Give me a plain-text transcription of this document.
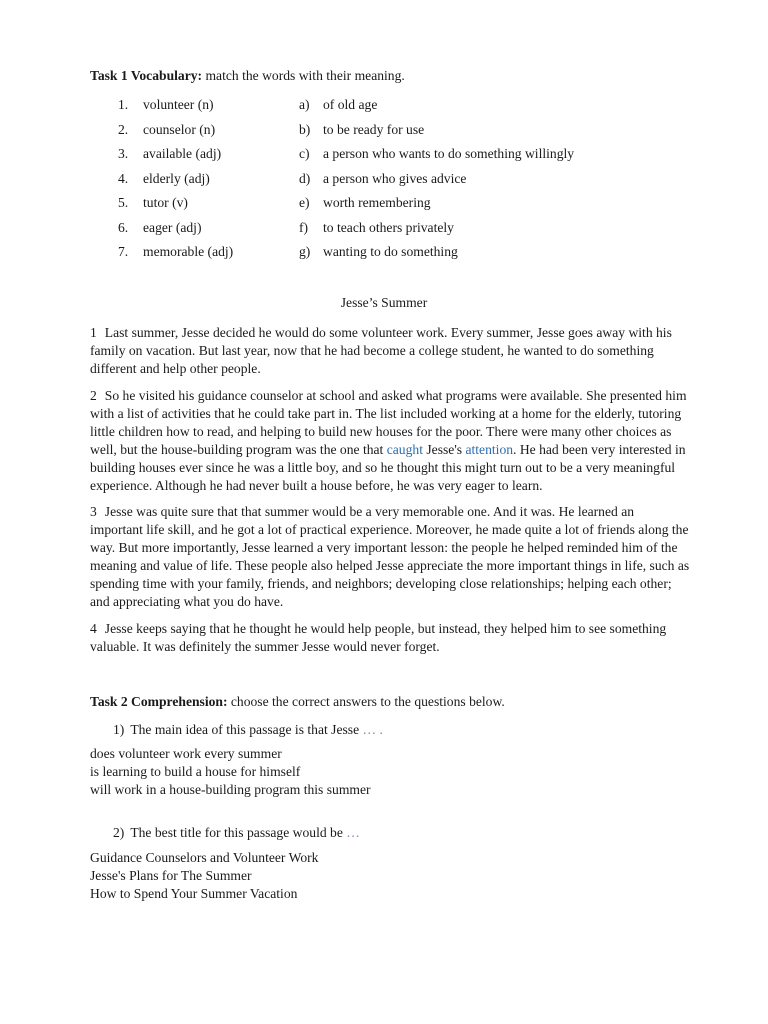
Task 1 Vocabulary: match the words with their meaning.
1. volunteer (n)	a) of old age
2. counselor (n)	b) to be ready for use
3. available (adj)	c) a person who wants to do something willingly
4. elderly (adj)	d) a person who gives advice
5. tutor (v)	e) worth remembering
6. eager (adj)	f) to teach others privately
7. memorable (adj)	g) wanting to do something
Jesse’s Summer
1 Last summer, Jesse decided he would do some volunteer work. Every summer, Jesse goes away with his family on vacation. But last year, now that he had become a college student, he wanted to do something different and help other people.
2 So he visited his guidance counselor at school and asked what programs were available. She presented him with a list of activities that he could take part in. The list included working at a home for the elderly, tutoring little children how to read, and helping to build new houses for the poor. There were many other choices as well, but the house-building program was the one that caught Jesse's attention. He had been very interested in building houses ever since he was a little boy, and so he thought this might turn out to be a very meaningful experience. Although he had never built a house before, he was very eager to learn.
3 Jesse was quite sure that that summer would be a very memorable one. And it was. He learned an important life skill, and he got a lot of practical experience. Moreover, he made quite a lot of friends along the way. But more importantly, Jesse learned a very important lesson: the people he helped reminded him of the meaning and value of life. These people also helped Jesse appreciate the more important things in life, such as spending time with your family, friends, and neighbors; developing close relationships; helping each other; and appreciating what you do have.
4 Jesse keeps saying that he thought he would help people, but instead, they helped him to see something valuable. It was definitely the summer Jesse would never forget.
Task 2 Comprehension: choose the correct answers to the questions below.
1) The main idea of this passage is that Jesse … .
does volunteer work every summer
is learning to build a house for himself
will work in a house-building program this summer
2) The best title for this passage would be …
Guidance Counselors and Volunteer Work
Jesse's Plans for The Summer
How to Spend Your Summer Vacation
